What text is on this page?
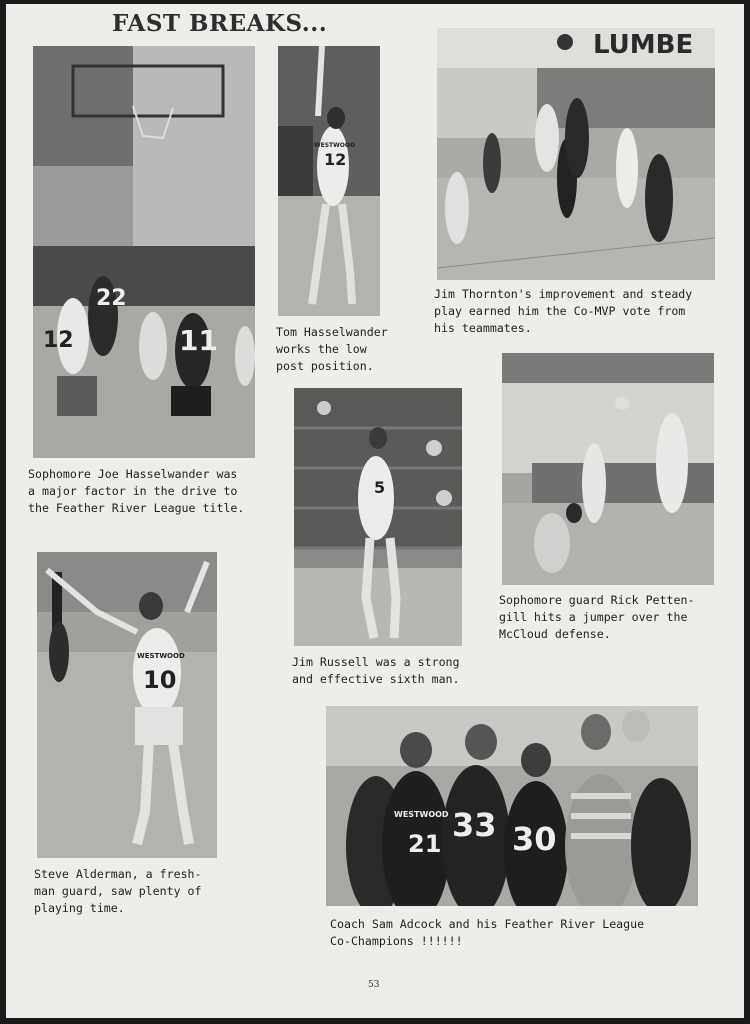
FAST BREAKS...
12
22
11
Sophomore Joe Hasselwander was
a major factor in the drive to
the Feather River League title.
WESTWOOD
12
Tom Hasselwander
works the low
post position.
LUMBE
Jim Thornton's improvement and steady
play earned him the Co-MVP vote from
his teammates.
5
Jim Russell was a strong
and effective sixth man.
Sophomore guard Rick Petten-
gill hits a jumper over the
McCloud defense.
WESTWOOD
10
Steve Alderman, a fresh-
man guard, saw plenty of
playing time.
WESTWOOD
21 33 30
Coach Sam Adcock and his Feather River League
Co-Champions !!!!!!
53
